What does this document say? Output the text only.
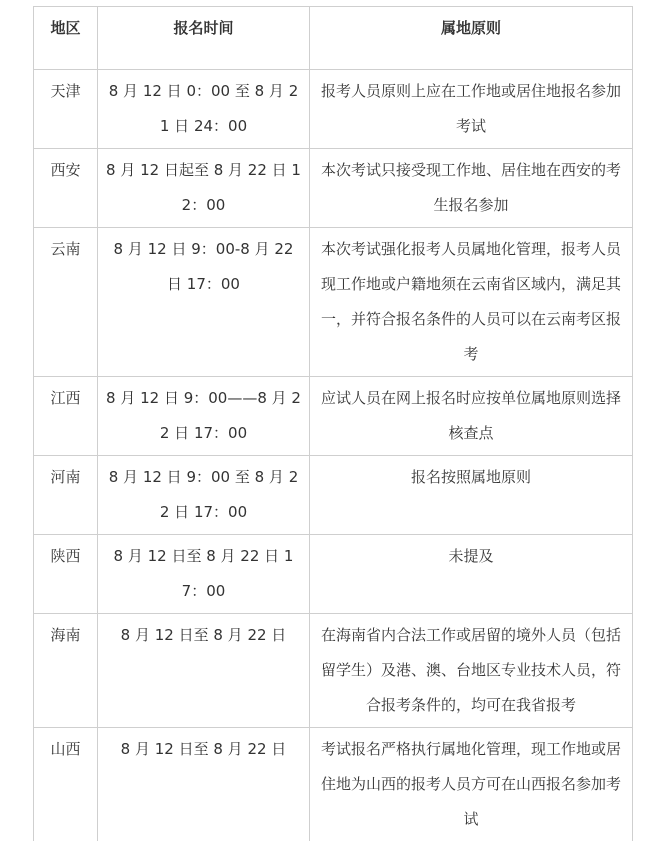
地区	报名时间	属地原则
天津	8 月 12 日 0：00 至 8 月 21 日 24：00	报考人员原则上应在工作地或居住地报名参加考试
西安	8 月 12 日起至 8 月 22 日 12：00	本次考试只接受现工作地、居住地在西安的考生报名参加
云南	8 月 12 日 9：00-8 月 22 日 17：00	本次考试强化报考人员属地化管理，报考人员现工作地或户籍地须在云南省区域内，满足其一，并符合报名条件的人员可以在云南考区报考
江西	8 月 12 日 9：00——8 月 22 日 17：00	应试人员在网上报名时应按单位属地原则选择核查点
河南	8 月 12 日 9：00 至 8 月 22 日 17：00	报名按照属地原则
陕西	8 月 12 日至 8 月 22 日 17：00	未提及
海南	8 月 12 日至 8 月 22 日	在海南省内合法工作或居留的境外人员（包括留学生）及港、澳、台地区专业技术人员，符合报考条件的，均可在我省报考
山西	8 月 12 日至 8 月 22 日	考试报名严格执行属地化管理，现工作地或居住地为山西的报考人员方可在山西报名参加考试
